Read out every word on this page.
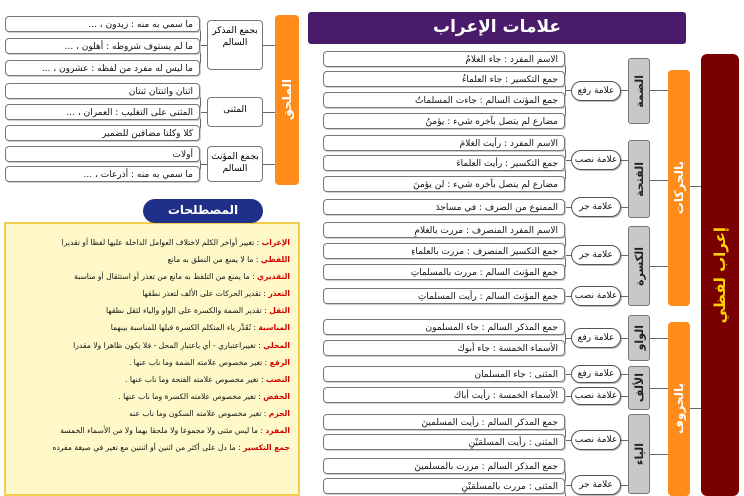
علامات الإعراب
إعراب لفظي
بالحركات
بالحروف
الضمة
علامة رفع
الاسم المفرد : جاء الغلامُ
جمع التكسير : جاء العلماءُ
جمع المؤنث السالم : جاءت المسلماتُ
مضارع لم يتصل بآخره شيء : يؤمنُ
الفتحة
علامة نصب
الاسم المفرد : رأيت الغلامَ
جمع التكسير : رأيت العلماءَ
مضارع لم يتصل بآخره شيء : لن يؤمنَ
علامة جر
الممنوع من الصرف : في مساجدَ
الكسرة
علامة جر
الاسم المفرد المنصرف : مررت بالغلامِ
جمع التكسير المنصرف : مررت بالعلماءِ
جمع المؤنث السالم : مررت بالمسلماتِ
علامة نصب
جمع المؤنث السالم : رأيت المسلماتِ
الواو
علامة رفع
جمع المذكر السالم : جاء المسلمون
الأسماء الخمسة : جاء أبوك
الألف
علامة رفع
المثنى : جاء المسلمان
علامة نصب
الأسماء الخمسة : رأيت أباك
الياء
علامة نصب
جمع المذكر السالم : رأيت المسلمينَ
المثنى : رأيت المسلمَيْنِ
علامة جر
جمع المذكر السالم : مررت بالمسلمينَ
المثنى : مررت بالمسلمَيْنِ
الملحق
بجمع المذكر السالم
ما سمي به منه : زيدون ، ...
ما لم يستوف شروطه : أهلون ، ...
ما ليس له مفرد من لفظه : عشرون ، ...
المثنى
اثنان واثنتان ثنتان
المثنى على التغليب : العمران ، ...
كلا وكلتا مضافين للضمير
بجمع المؤنث السالم
أولات
ما سمي به منه : أذرعات ، ...
الإعراب : تغيير أواخر الكلم لاختلاف العوامل الداخلة عليها لفظا أو تقديرا
اللفظي : ما لا يمنع من النطق به مانع
التقديري : ما يمنع من التلفظ به مانع من تعذر أو استثقال أو مناسبة
التعذر : تقدير الحركات على الألف لتعذر نطقها
الثقل : تقدير الضمة والكسرة على الواو والياء لثقل نطقها
المناسبة : تُقَدَّر ياء المتكلم الكسرة قبلها للمناسبة بينهما
المحلي : تغييراعتباري - أي باعتبار المحل - فلا يكون ظاهرا ولا مقدرا
الرفع : تغير مخصوص علامته الضمة وما ناب عنها .
النصب : تغير مخصوص علامته الفتحة وما ناب عنها .
الخفض : تغير مخصوص علامته الكسرة وما ناب عنها .
الجزم : تغير مخصوص علامته السكون وما ناب عنه
المفرد : ما ليس مثنى ولا مجموعا ولا ملحقا بهما ولا من الأسماء الخمسة
جمع التكسير : ما دل على أكثر من اثنين أو اثنتين مع تغير في صيغة مفرده
المصطلحات
